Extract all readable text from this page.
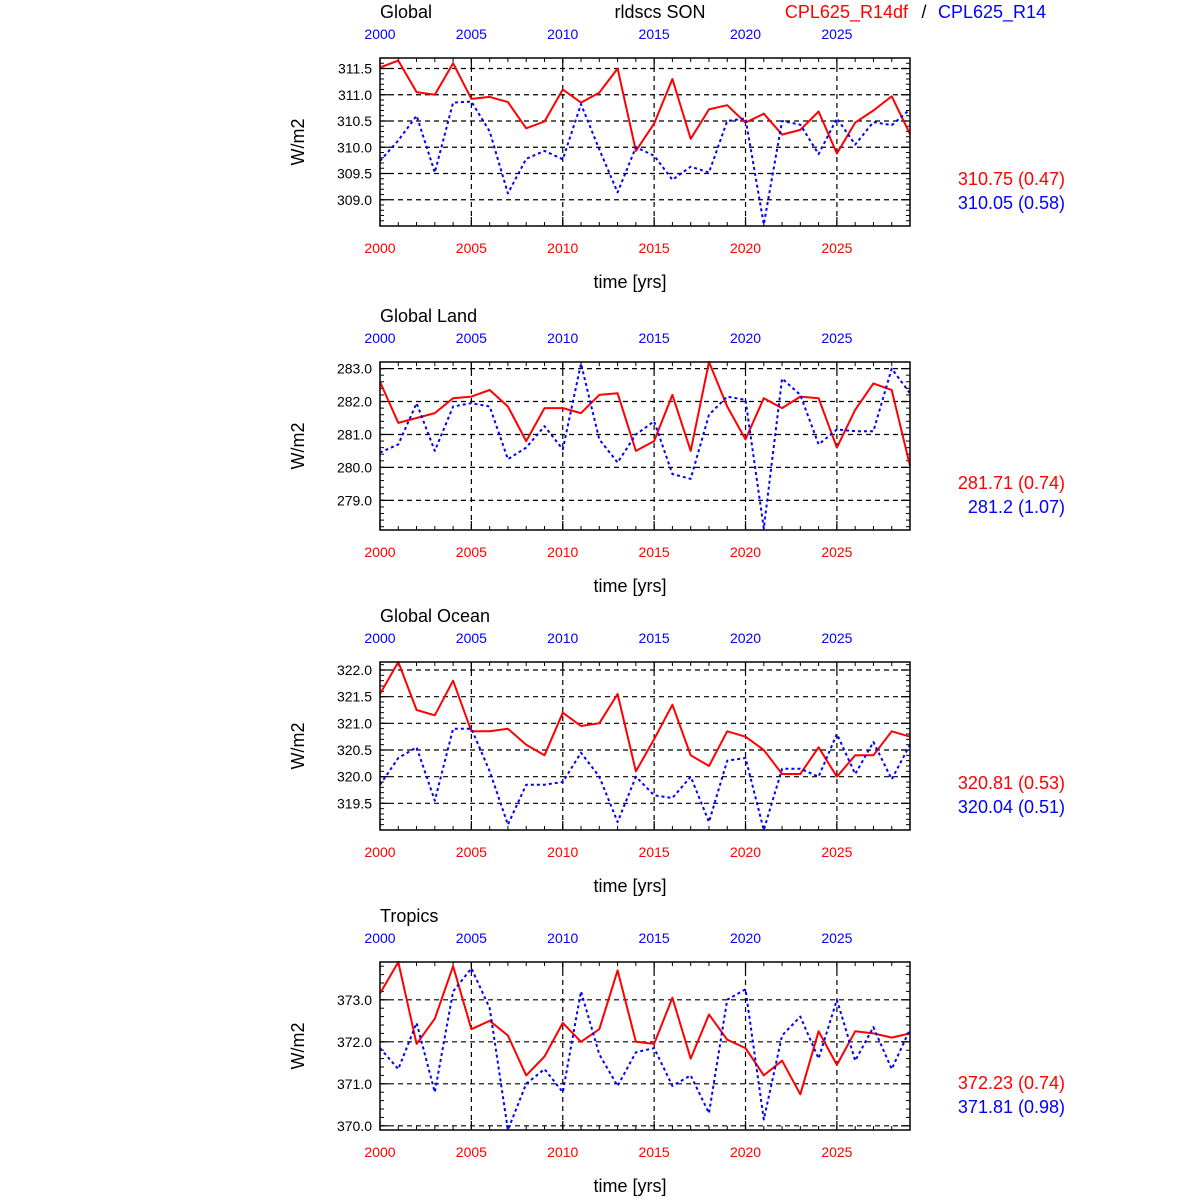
rldscs SON	CPL625_R14df / CPL625_R14
Global
309.0
309.5
310.0
310.5
311.0
311.5
2000
2000
2005
2005
2010
2010
2015
2015
2020
2020
2025
2025
time [yrs]
W/m2
310.75 (0.47)
310.05 (0.58)
Global Land
279.0
280.0
281.0
282.0
283.0
2000
2000
2005
2005
2010
2010
2015
2015
2020
2020
2025
2025
time [yrs]
W/m2
281.71 (0.74)
281.2 (1.07)
Global Ocean
319.5
320.0
320.5
321.0
321.5
322.0
2000
2000
2005
2005
2010
2010
2015
2015
2020
2020
2025
2025
time [yrs]
W/m2
320.81 (0.53)
320.04 (0.51)
Tropics
370.0
371.0
372.0
373.0
2000
2000
2005
2005
2010
2010
2015
2015
2020
2020
2025
2025
time [yrs]
W/m2
372.23 (0.74)
371.81 (0.98)
